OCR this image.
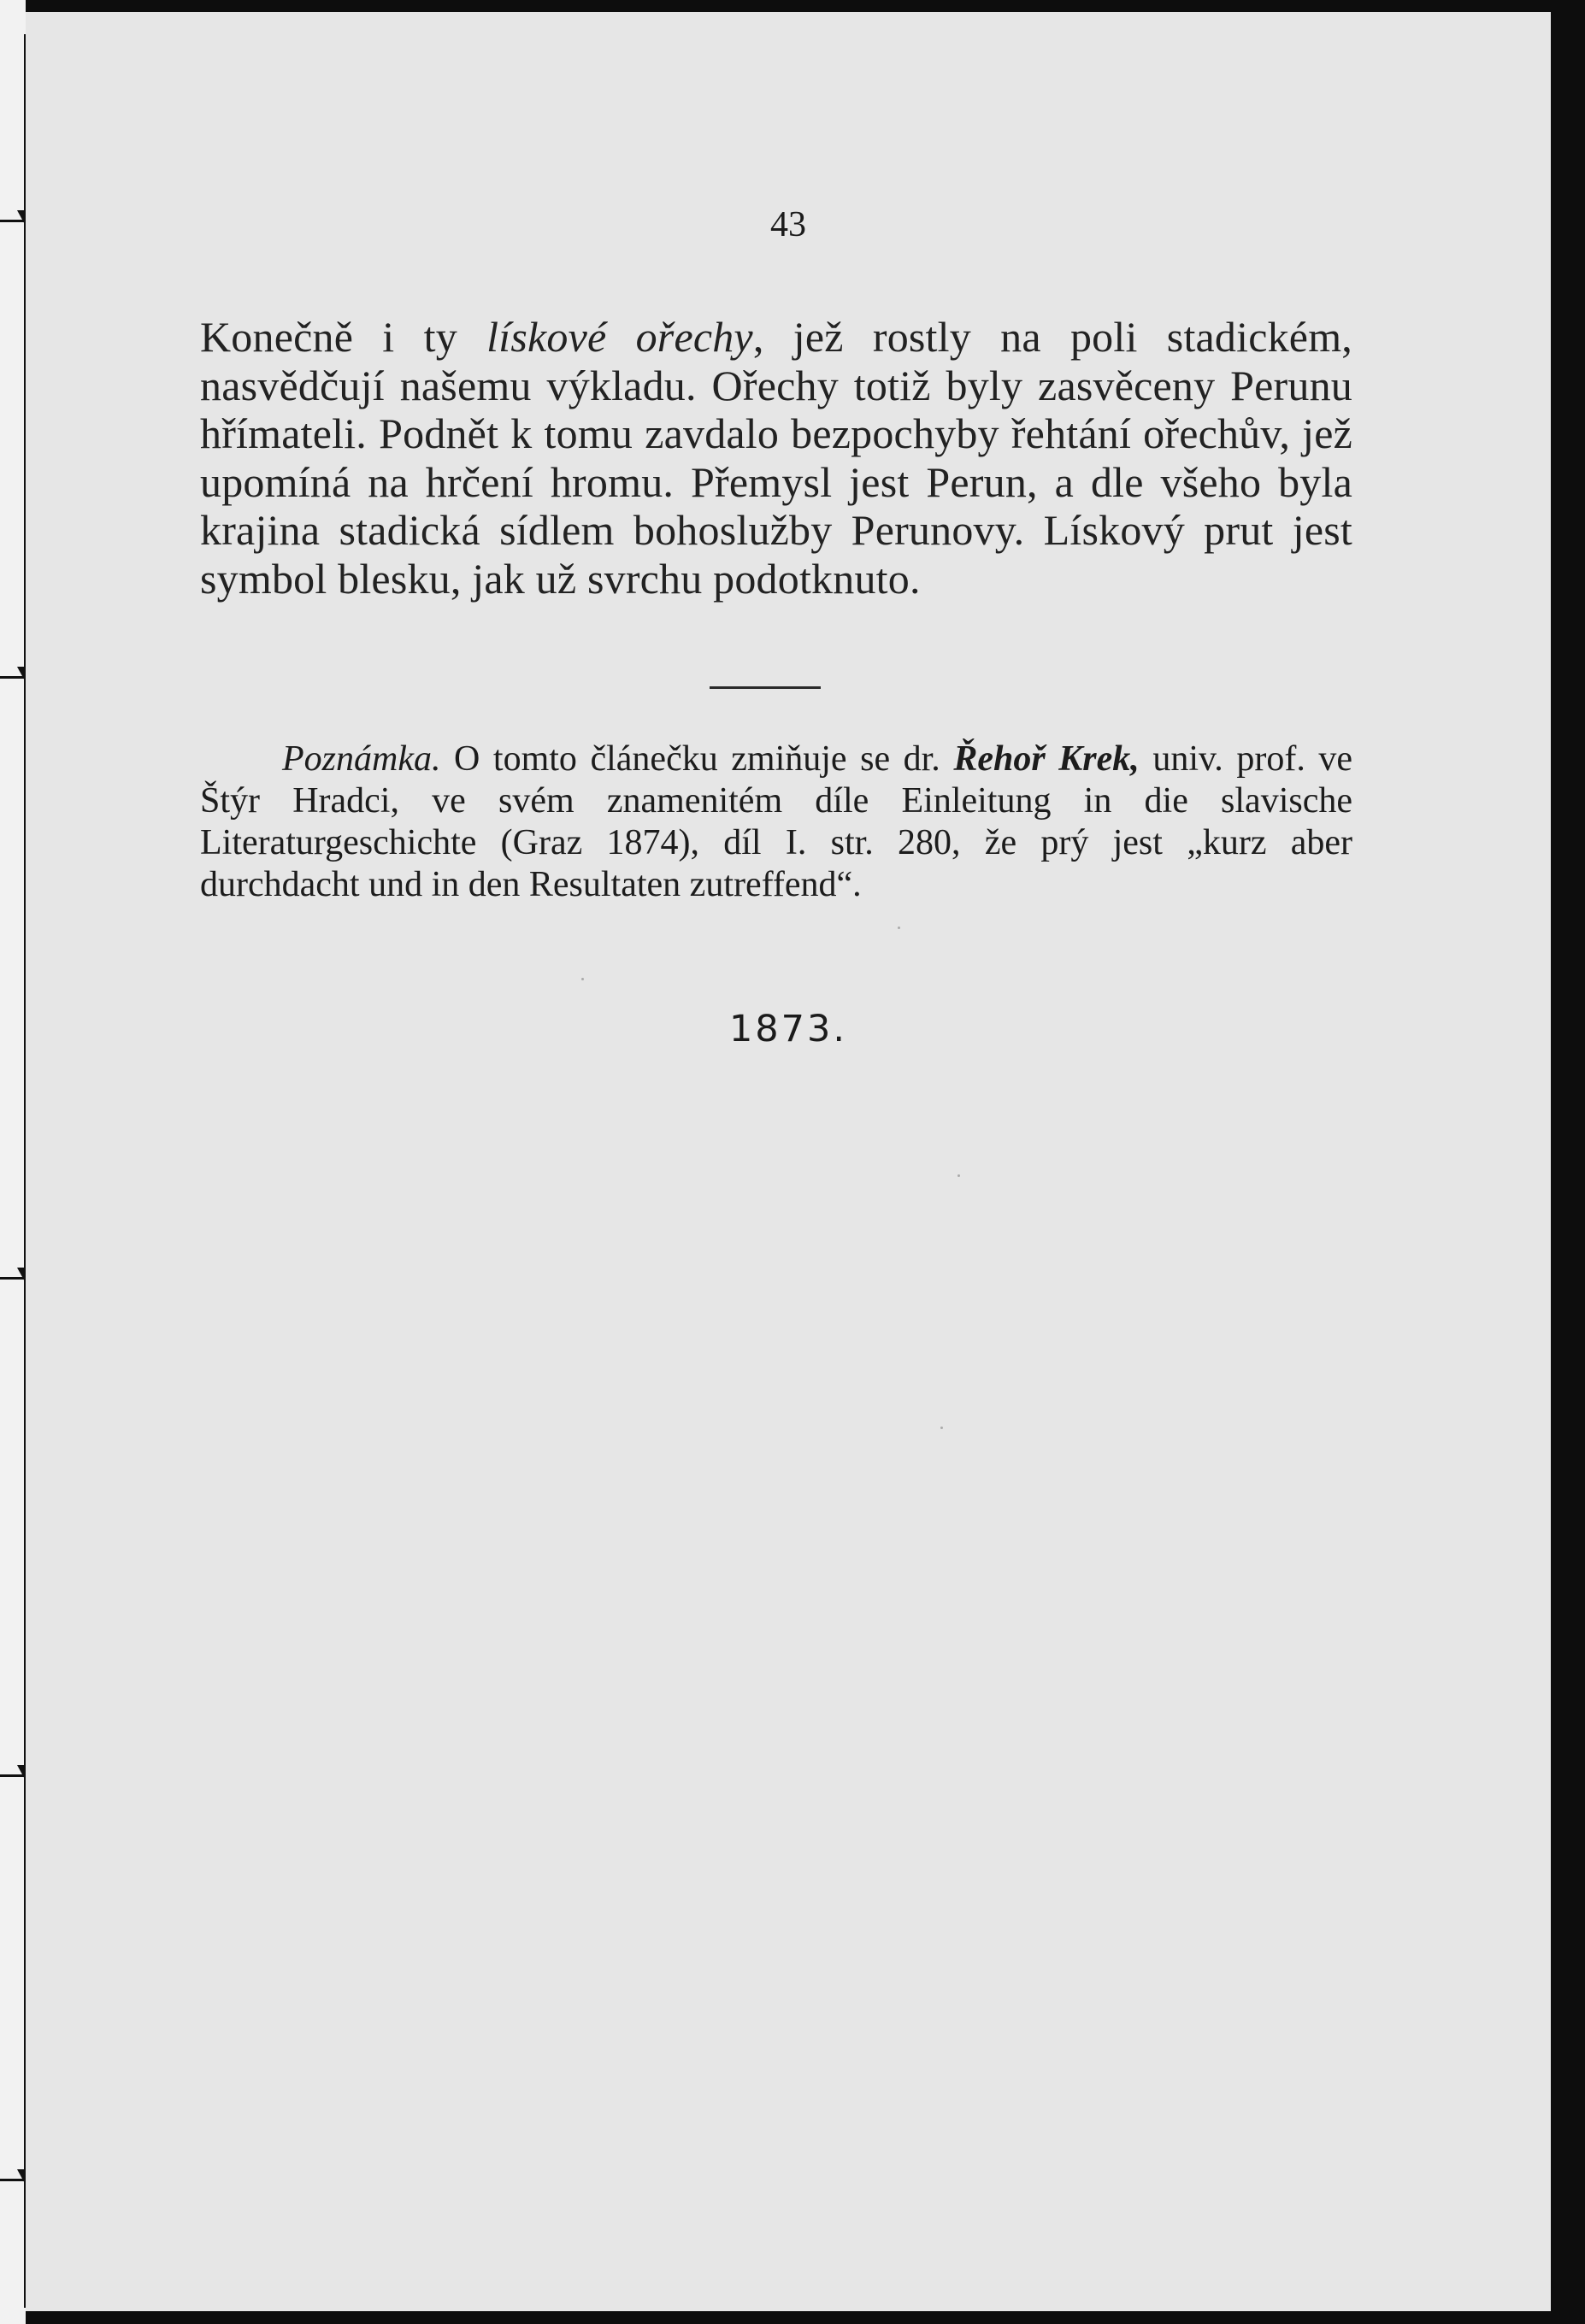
43
Konečně i ty lískové ořechy, jež rostly na poli stadickém, nasvědčují našemu výkladu. Ořechy totiž byly zasvěceny Perunu hřímateli. Podnět k tomu zavdalo bezpochyby řehtání ořechův, jež upomíná na hrčení hromu. Přemysl jest Perun, a dle všeho byla krajina stadická sídlem bohoslužby Perunovy. Lískový prut jest symbol blesku, jak už svrchu podotknuto.
Poznámka. O tomto článečku zmiňuje se dr. Řehoř Krek, univ. prof. ve Štýr Hradci, ve svém znamenitém díle Einleitung in die slavische Literaturgeschichte (Graz 1874), díl I. str. 280, že prý jest „kurz aber durchdacht und in den Resultaten zutreffend“.
1873.
